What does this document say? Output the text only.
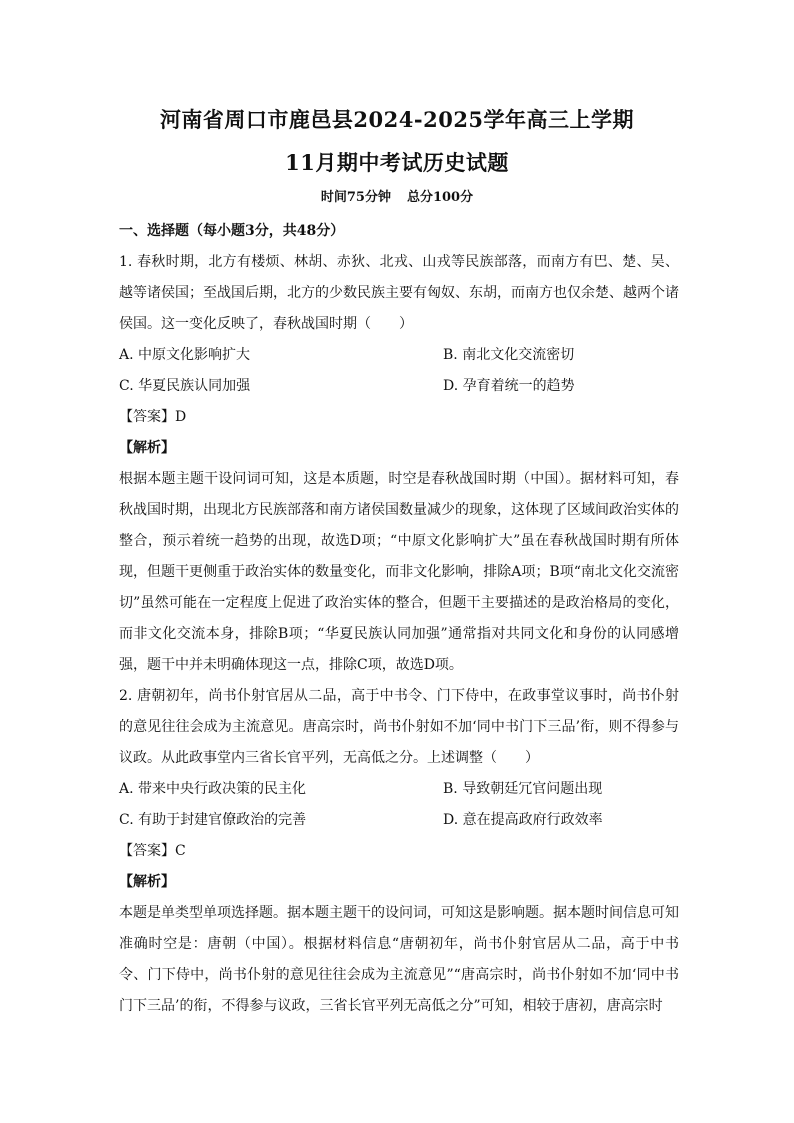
河南省周口市鹿邑县2024-2025学年高三上学期
11月期中考试历史试题
时间75分钟 总分100分
一、选择题（每小题3分，共48分）
1. 春秋时期，北方有楼烦、林胡、赤狄、北戎、山戎等民族部落，而南方有巴、楚、吴、越等诸侯国；至战国后期，北方的少数民族主要有匈奴、东胡，而南方也仅余楚、越两个诸侯国。这一变化反映了，春秋战国时期（　　）
A. 中原文化影响扩大	B. 南北文化交流密切
C. 华夏民族认同加强	D. 孕育着统一的趋势
【答案】D
【解析】
根据本题主题干设问词可知，这是本质题，时空是春秋战国时期（中国）。据材料可知，春秋战国时期，出现北方民族部落和南方诸侯国数量减少的现象，这体现了区域间政治实体的整合，预示着统一趋势的出现，故选D项；“中原文化影响扩大”虽在春秋战国时期有所体现，但题干更侧重于政治实体的数量变化，而非文化影响，排除A项；B项“南北文化交流密切”虽然可能在一定程度上促进了政治实体的整合，但题干主要描述的是政治格局的变化，而非文化交流本身，排除B项；“华夏民族认同加强”通常指对共同文化和身份的认同感增强，题干中并未明确体现这一点，排除C项，故选D项。
2. 唐朝初年，尚书仆射官居从二品，高于中书令、门下侍中，在政事堂议事时，尚书仆射的意见往往会成为主流意见。唐高宗时，尚书仆射如不加‘同中书门下三品’衔，则不得参与议政。从此政事堂内三省长官平列，无高低之分。上述调整（　　）
A. 带来中央行政决策的民主化	B. 导致朝廷冗官问题出现
C. 有助于封建官僚政治的完善	D. 意在提高政府行政效率
【答案】C
【解析】
本题是单类型单项选择题。据本题主题干的设问词，可知这是影响题。据本题时间信息可知准确时空是：唐朝（中国）。根据材料信息“唐朝初年，尚书仆射官居从二品，高于中书令、门下侍中，尚书仆射的意见往往会成为主流意见”“唐高宗时，尚书仆射如不加‘同中书门下三品’的衔，不得参与议政，三省长官平列无高低之分”可知，相较于唐初，唐高宗时
